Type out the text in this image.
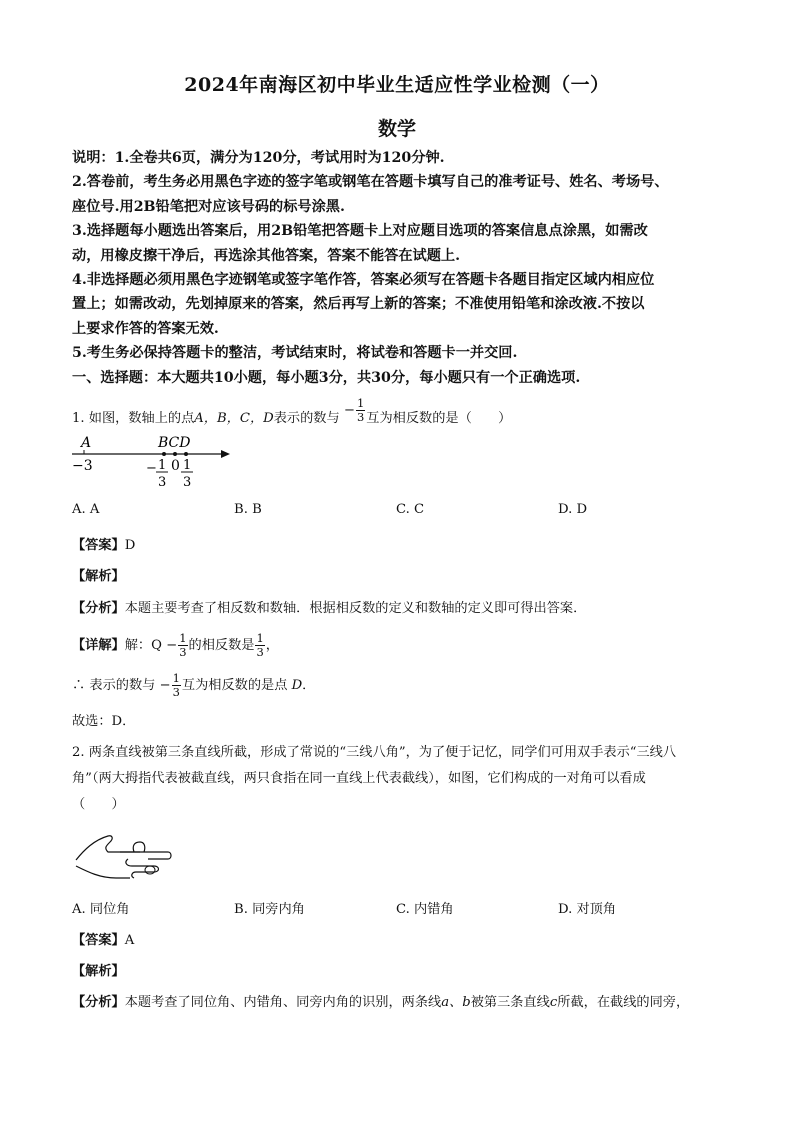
2024年南海区初中毕业生适应性学业检测（一）
数学

说明：1.全卷共6页，满分为120分，考试用时为120分钟.

2.答卷前，考生务必用黑色字迹的签字笔或钢笔在答题卡填写自己的准考证号、姓名、考场号、

座位号.用2B铅笔把对应该号码的标号涂黑.

3.选择题每小题选出答案后，用2B铅笔把答题卡上对应题目选项的答案信息点涂黑，如需改

动，用橡皮擦干净后，再选涂其他答案，答案不能答在试题上.

4.非选择题必须用黑色字迹钢笔或签字笔作答，答案必须写在答题卡各题目指定区域内相应位

置上；如需改动，先划掉原来的答案，然后再写上新的答案；不准使用铅笔和涂改液.不按以

上要求作答的答案无效.

5.考生务必保持答题卡的整洁，考试结束时，将试卷和答题卡一并交回.

一、选择题：本大题共10小题，每小题3分，共30分，每小题只有一个正确选项.

1. 如图，数轴上的点A，B，C，D表示的数与 − $\frac{1}{3}$ 互为相反数的是（　　）
A	BCD
−3	− 1
3
0 1
3
A. A	B. B	C. C	D. D
【答案】D
【解析】
【分析】本题主要考查了相反数和数轴．根据相反数的定义和数轴的定义即可得出答案．
【详解】解：$Q - \frac{1}{3}$ 的相反数是 $\frac{1}{3}$ ，
∴ 表示的数与 − $\frac{1}{3}$ 互为相反数的是点 D．
故选：D．
2. 两条直线被第三条直线所截，形成了常说的“三线八角”，为了便于记忆，同学们可用双手表示“三线八
角”（两大拇指代表被截直线，两只食指在同一直线上代表截线），如图，它们构成的一对角可以看成
（　　）
A. 同位角	B. 同旁内角	C. 内错角	D. 对顶角
【答案】A
【解析】
【分析】本题考查了同位角、内错角、同旁内角的识别，两条线a、b被第三条直线c所截，在截线的同旁，
